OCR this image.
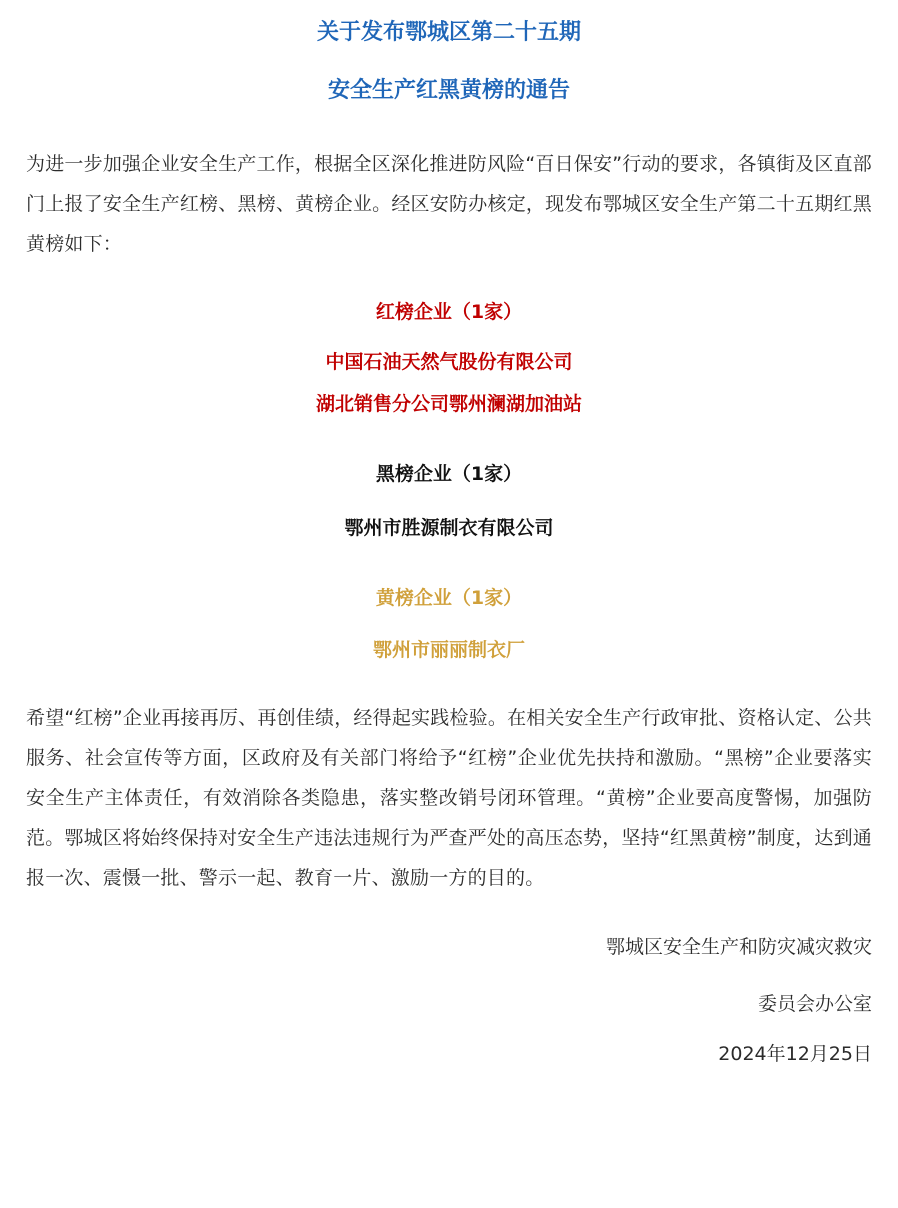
关于发布鄂城区第二十五期
安全生产红黑黄榜的通告

为进一步加强企业安全生产工作，根据全区深化推进防风险“百日保安”行动的要求，各镇街及区直部门上报了安全生产红榜、黑榜、黄榜企业。经区安防办核定，现发布鄂城区安全生产第二十五期红黑黄榜如下：

红榜企业（1家）

中国石油天然气股份有限公司

湖北销售分公司鄂州澜湖加油站

黑榜企业（1家）

鄂州市胜源制衣有限公司

黄榜企业（1家）

鄂州市丽丽制衣厂

希望“红榜”企业再接再厉、再创佳绩，经得起实践检验。在相关安全生产行政审批、资格认定、公共服务、社会宣传等方面，区政府及有关部门将给予“红榜”企业优先扶持和激励。“黑榜”企业要落实安全生产主体责任，有效消除各类隐患，落实整改销号闭环管理。“黄榜”企业要高度警惕，加强防范。鄂城区将始终保持对安全生产违法违规行为严查严处的高压态势，坚持“红黑黄榜”制度，达到通报一次、震慑一批、警示一起、教育一片、激励一方的目的。

鄂城区安全生产和防灾减灾救灾

委员会办公室

2024年12月25日
